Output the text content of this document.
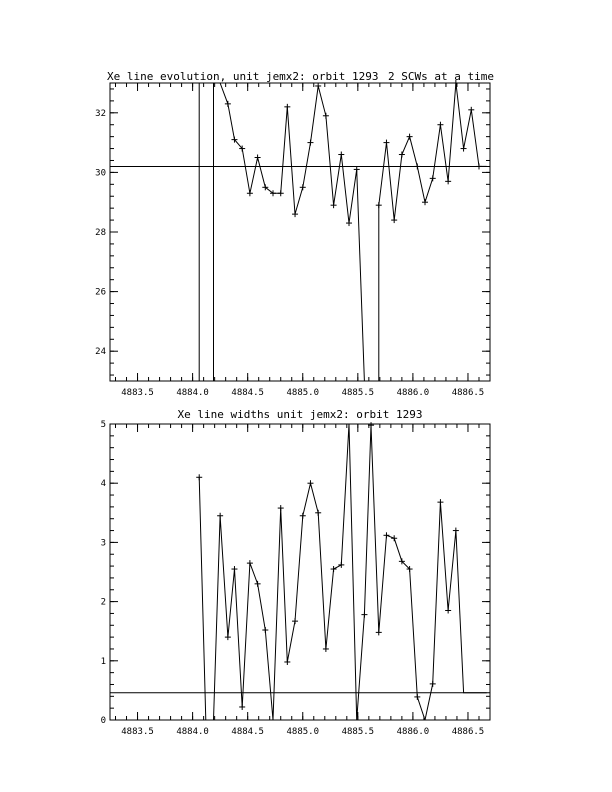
Xe line evolution, unit jemx2: orbit 1293 2 SCWs at a time
4883.5	4884.0	4884.5	4885.0	4885.5	4886.0	4886.5
24
26
28
30
32
Xe line widths unit jemx2: orbit 1293
4883.5	4884.0	4884.5	4885.0	4885.5	4886.0	4886.5
0
1
2
3
4
5
